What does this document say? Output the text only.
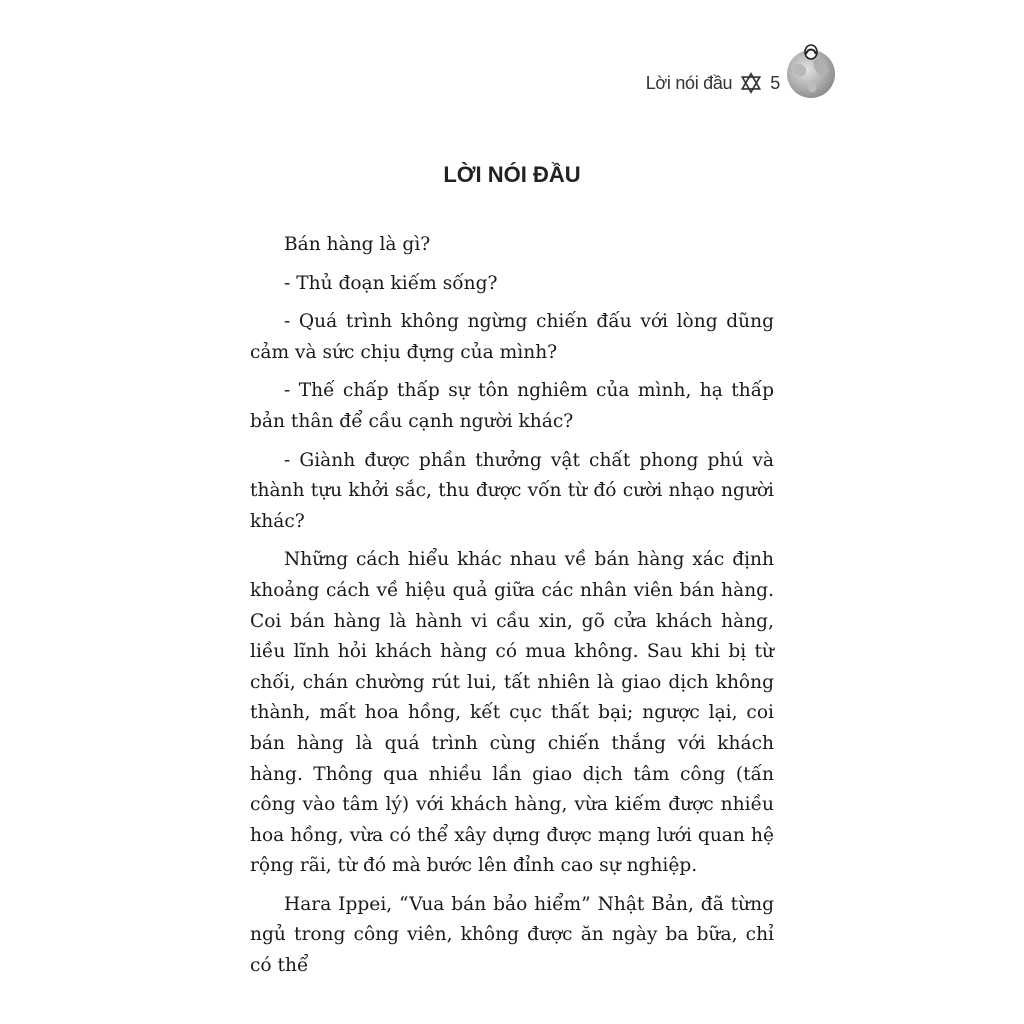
Lời nói đầu 5
LỜI NÓI ĐẦU

Bán hàng là gì?

- Thủ đoạn kiếm sống?

- Quá trình không ngừng chiến đấu với lòng dũng cảm và sức chịu đựng của mình?

- Thế chấp thấp sự tôn nghiêm của mình, hạ thấp bản thân để cầu cạnh người khác?

- Giành được phần thưởng vật chất phong phú và thành tựu khởi sắc, thu được vốn từ đó cười nhạo người khác?

Những cách hiểu khác nhau về bán hàng xác định khoảng cách về hiệu quả giữa các nhân viên bán hàng. Coi bán hàng là hành vi cầu xin, gõ cửa khách hàng, liều lĩnh hỏi khách hàng có mua không. Sau khi bị từ chối, chán chường rút lui, tất nhiên là giao dịch không thành, mất hoa hồng, kết cục thất bại; ngược lại, coi bán hàng là quá trình cùng chiến thắng với khách hàng. Thông qua nhiều lần giao dịch tâm công (tấn công vào tâm lý) với khách hàng, vừa kiếm được nhiều hoa hồng, vừa có thể xây dựng được mạng lưới quan hệ rộng rãi, từ đó mà bước lên đỉnh cao sự nghiệp.

Hara Ippei, “Vua bán bảo hiểm” Nhật Bản, đã từng ngủ trong công viên, không được ăn ngày ba bữa, chỉ có thể
